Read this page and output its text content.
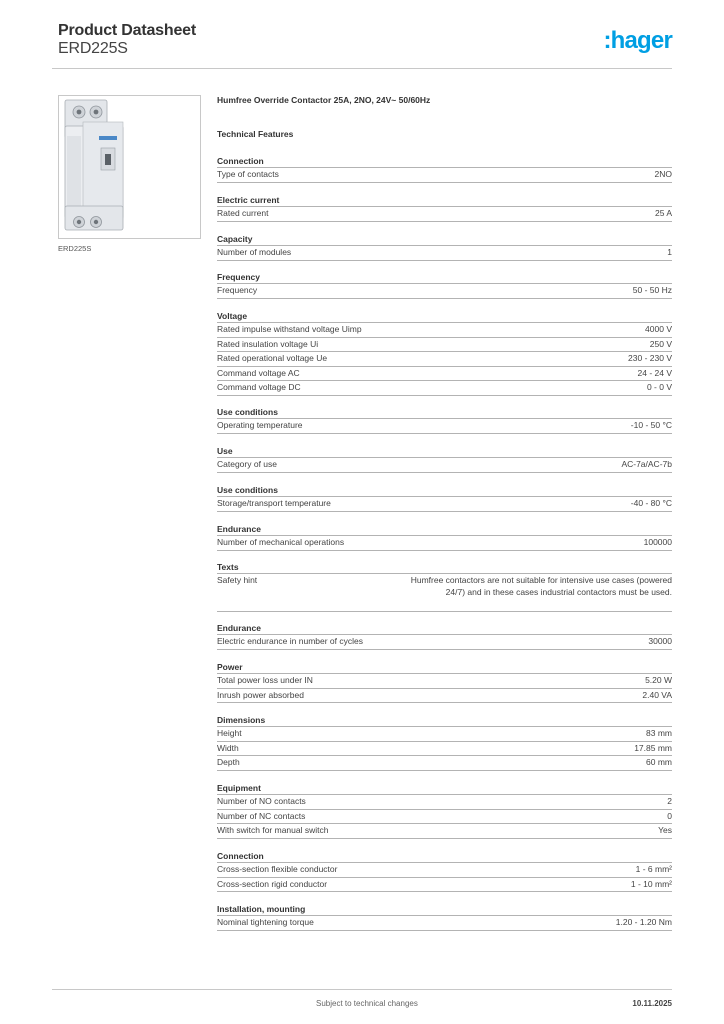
Product Datasheet
ERD225S	:hager
ERD225S
Humfree Override Contactor 25A, 2NO, 24V~ 50/60Hz
Technical Features
Connection
Type of contacts	2NO
Electric current
Rated current	25 A
Capacity
Number of modules	1
Frequency
Frequency	50 - 50 Hz
Voltage
Rated impulse withstand voltage Uimp	4000 V
Rated insulation voltage Ui	250 V
Rated operational voltage Ue	230 - 230 V
Command voltage AC	24 - 24 V
Command voltage DC	0 - 0 V
Use conditions
Operating temperature	-10 - 50 °C
Use
Category of use	AC-7a/AC-7b
Use conditions
Storage/transport temperature	-40 - 80 °C
Endurance
Number of mechanical operations	100000
Texts
Safety hint	Humfree contactors are not suitable for intensive use cases (powered 24/7) and in these cases industrial contactors must be used.
Endurance
Electric endurance in number of cycles	30000
Power
Total power loss under IN	5.20 W
Inrush power absorbed	2.40 VA
Dimensions
Height	83 mm
Width	17.85 mm
Depth	60 mm
Equipment
Number of NO contacts	2
Number of NC contacts	0
With switch for manual switch	Yes
Connection
Cross-section flexible conductor	1 - 6 mm²
Cross-section rigid conductor	1 - 10 mm²
Installation, mounting
Nominal tightening torque	1.20 - 1.20 Nm
Subject to technical changes	10.11.2025
